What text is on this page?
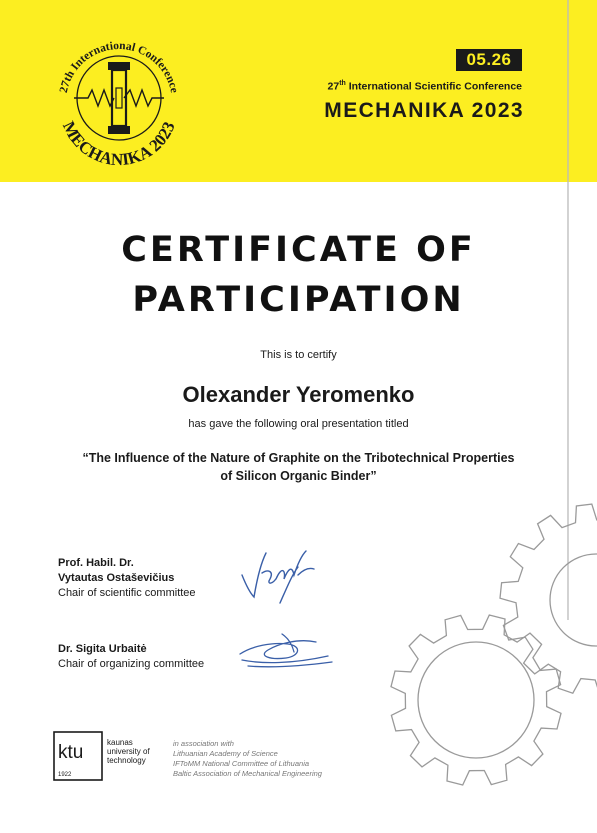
27th International Conference
MECHANIKA 2023
05.26
27th International Scientific Conference
MECHANIKA 2023
CERTIFICATE OF
PARTICIPATION
This is to certify
Olexander Yeromenko
has gave the following oral presentation titled
“The Influence of the Nature of Graphite on the Tribotechnical Properties
of Silicon Organic Binder”
Prof. Habil. Dr.
Vytautas Ostaševičius
Chair of scientific committee
Dr. Sigita Urbaitė
Chair of organizing committee
ktu
1922
kaunas
university of
technology
in association with
Lithuanian Academy of Science
IFToMM National Committee of Lithuania
Baltic Association of Mechanical Engineering
